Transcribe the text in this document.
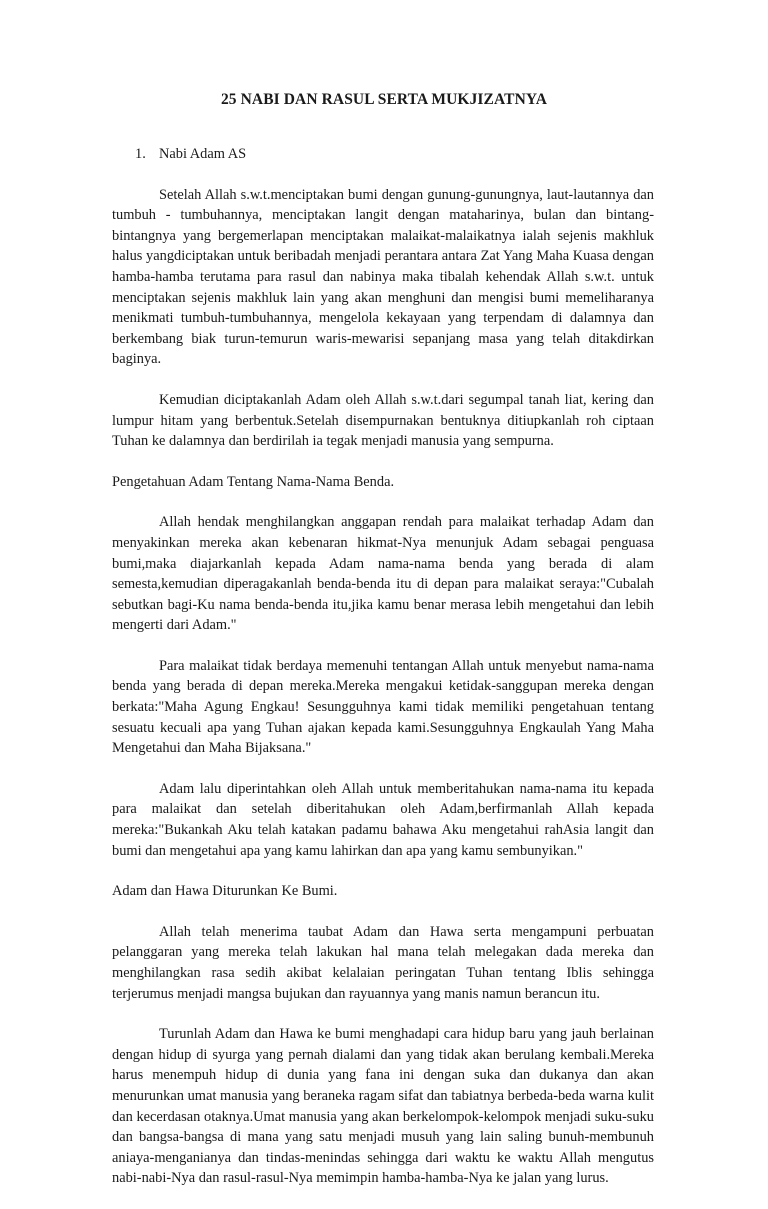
25 NABI DAN RASUL SERTA MUKJIZATNYA
1. Nabi Adam AS

Setelah Allah s.w.t.menciptakan bumi dengan gunung-gunungnya, laut-lautannya dan tumbuh - tumbuhannya, menciptakan langit dengan mataharinya, bulan dan bintang-bintangnya yang bergemerlapan menciptakan malaikat-malaikatnya ialah sejenis makhluk halus yangdiciptakan untuk beribadah menjadi perantara antara Zat Yang Maha Kuasa dengan hamba-hamba terutama para rasul dan nabinya maka tibalah kehendak Allah s.w.t. untuk menciptakan sejenis makhluk lain yang akan menghuni dan mengisi bumi memeliharanya menikmati tumbuh-tumbuhannya, mengelola kekayaan yang terpendam di dalamnya dan berkembang biak turun-temurun waris-mewarisi sepanjang masa yang telah ditakdirkan baginya.

Kemudian diciptakanlah Adam oleh Allah s.w.t.dari segumpal tanah liat, kering dan lumpur hitam yang berbentuk.Setelah disempurnakan bentuknya ditiupkanlah roh ciptaan Tuhan ke dalamnya dan berdirilah ia tegak menjadi manusia yang sempurna.

Pengetahuan Adam Tentang Nama-Nama Benda.

Allah hendak menghilangkan anggapan rendah para malaikat terhadap Adam dan menyakinkan mereka akan kebenaran hikmat-Nya menunjuk Adam sebagai penguasa bumi,maka diajarkanlah kepada Adam nama-nama benda yang berada di alam semesta,kemudian diperagakanlah benda-benda itu di depan para malaikat seraya:"Cubalah sebutkan bagi-Ku nama benda-benda itu,jika kamu benar merasa lebih mengetahui dan lebih mengerti dari Adam."

Para malaikat tidak berdaya memenuhi tentangan Allah untuk menyebut nama-nama benda yang berada di depan mereka.Mereka mengakui ketidak-sanggupan mereka dengan berkata:"Maha Agung Engkau! Sesungguhnya kami tidak memiliki pengetahuan tentang sesuatu kecuali apa yang Tuhan ajakan kepada kami.Sesungguhnya Engkaulah Yang Maha Mengetahui dan Maha Bijaksana."

Adam lalu diperintahkan oleh Allah untuk memberitahukan nama-nama itu kepada para malaikat dan setelah diberitahukan oleh Adam,berfirmanlah Allah kepada mereka:"Bukankah Aku telah katakan padamu bahawa Aku mengetahui rahAsia langit dan bumi dan mengetahui apa yang kamu lahirkan dan apa yang kamu sembunyikan."

Adam dan Hawa Diturunkan Ke Bumi.

Allah telah menerima taubat Adam dan Hawa serta mengampuni perbuatan pelanggaran yang mereka telah lakukan hal mana telah melegakan dada mereka dan menghilangkan rasa sedih akibat kelalaian peringatan Tuhan tentang Iblis sehingga terjerumus menjadi mangsa bujukan dan rayuannya yang manis namun berancun itu.

Turunlah Adam dan Hawa ke bumi menghadapi cara hidup baru yang jauh berlainan dengan hidup di syurga yang pernah dialami dan yang tidak akan berulang kembali.Mereka harus menempuh hidup di dunia yang fana ini dengan suka dan dukanya dan akan menurunkan umat manusia yang beraneka ragam sifat dan tabiatnya berbeda-beda warna kulit dan kecerdasan otaknya.Umat manusia yang akan berkelompok-kelompok menjadi suku-suku dan bangsa-bangsa di mana yang satu menjadi musuh yang lain saling bunuh-membunuh aniaya-menganianya dan tindas-menindas sehingga dari waktu ke waktu Allah mengutus nabi-nabi-Nya dan rasul-rasul-Nya memimpin hamba-hamba-Nya ke jalan yang lurus.
